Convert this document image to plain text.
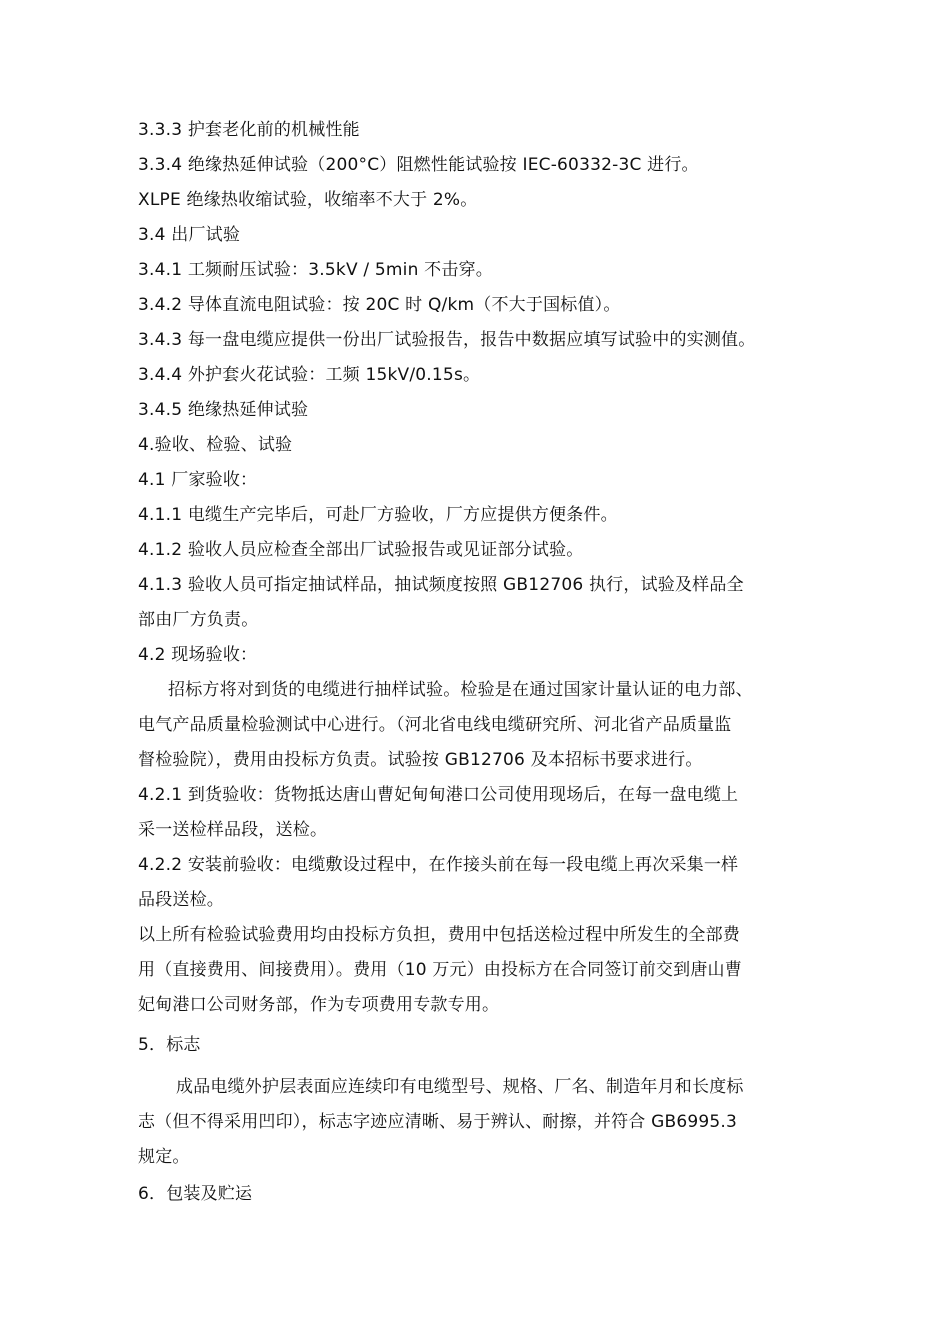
3.3.3 护套老化前的机械性能

3.3.4 绝缘热延伸试验（200°C）阻燃性能试验按 IEC-60332-3C 进行。

XLPE 绝缘热收缩试验，收缩率不大于 2%。

3.4 出厂试验

3.4.1 工频耐压试验：3.5kV / 5min 不击穿。

3.4.2 导体直流电阻试验：按 20C 时 Q/km（不大于国标值）。

3.4.3 每一盘电缆应提供一份出厂试验报告，报告中数据应填写试验中的实测值。

3.4.4 外护套火花试验：工频 15kV/0.15s。

3.4.5 绝缘热延伸试验

4.验收、检验、试验

4.1 厂家验收：

4.1.1 电缆生产完毕后，可赴厂方验收，厂方应提供方便条件。

4.1.2 验收人员应检查全部出厂试验报告或见证部分试验。

4.1.3 验收人员可指定抽试样品，抽试频度按照 GB12706 执行，试验及样品全

部由厂方负责。

4.2 现场验收：

招标方将对到货的电缆进行抽样试验。检验是在通过国家计量认证的电力部、

电气产品质量检验测试中心进行。（河北省电线电缆研究所、河北省产品质量监

督检验院），费用由投标方负责。试验按 GB12706 及本招标书要求进行。

4.2.1 到货验收：货物抵达唐山曹妃甸甸港口公司使用现场后，在每一盘电缆上

采一送检样品段，送检。

4.2.2 安装前验收：电缆敷设过程中，在作接头前在每一段电缆上再次采集一样

品段送检。

以上所有检验试验费用均由投标方负担，费用中包括送检过程中所发生的全部费

用（直接费用、间接费用）。费用（10 万元）由投标方在合同签订前交到唐山曹

妃甸港口公司财务部，作为专项费用专款专用。

5．标志

成品电缆外护层表面应连续印有电缆型号、规格、厂名、制造年月和长度标

志（但不得采用凹印），标志字迹应清晰、易于辨认、耐擦，并符合 GB6995.3

规定。

6．包装及贮运
